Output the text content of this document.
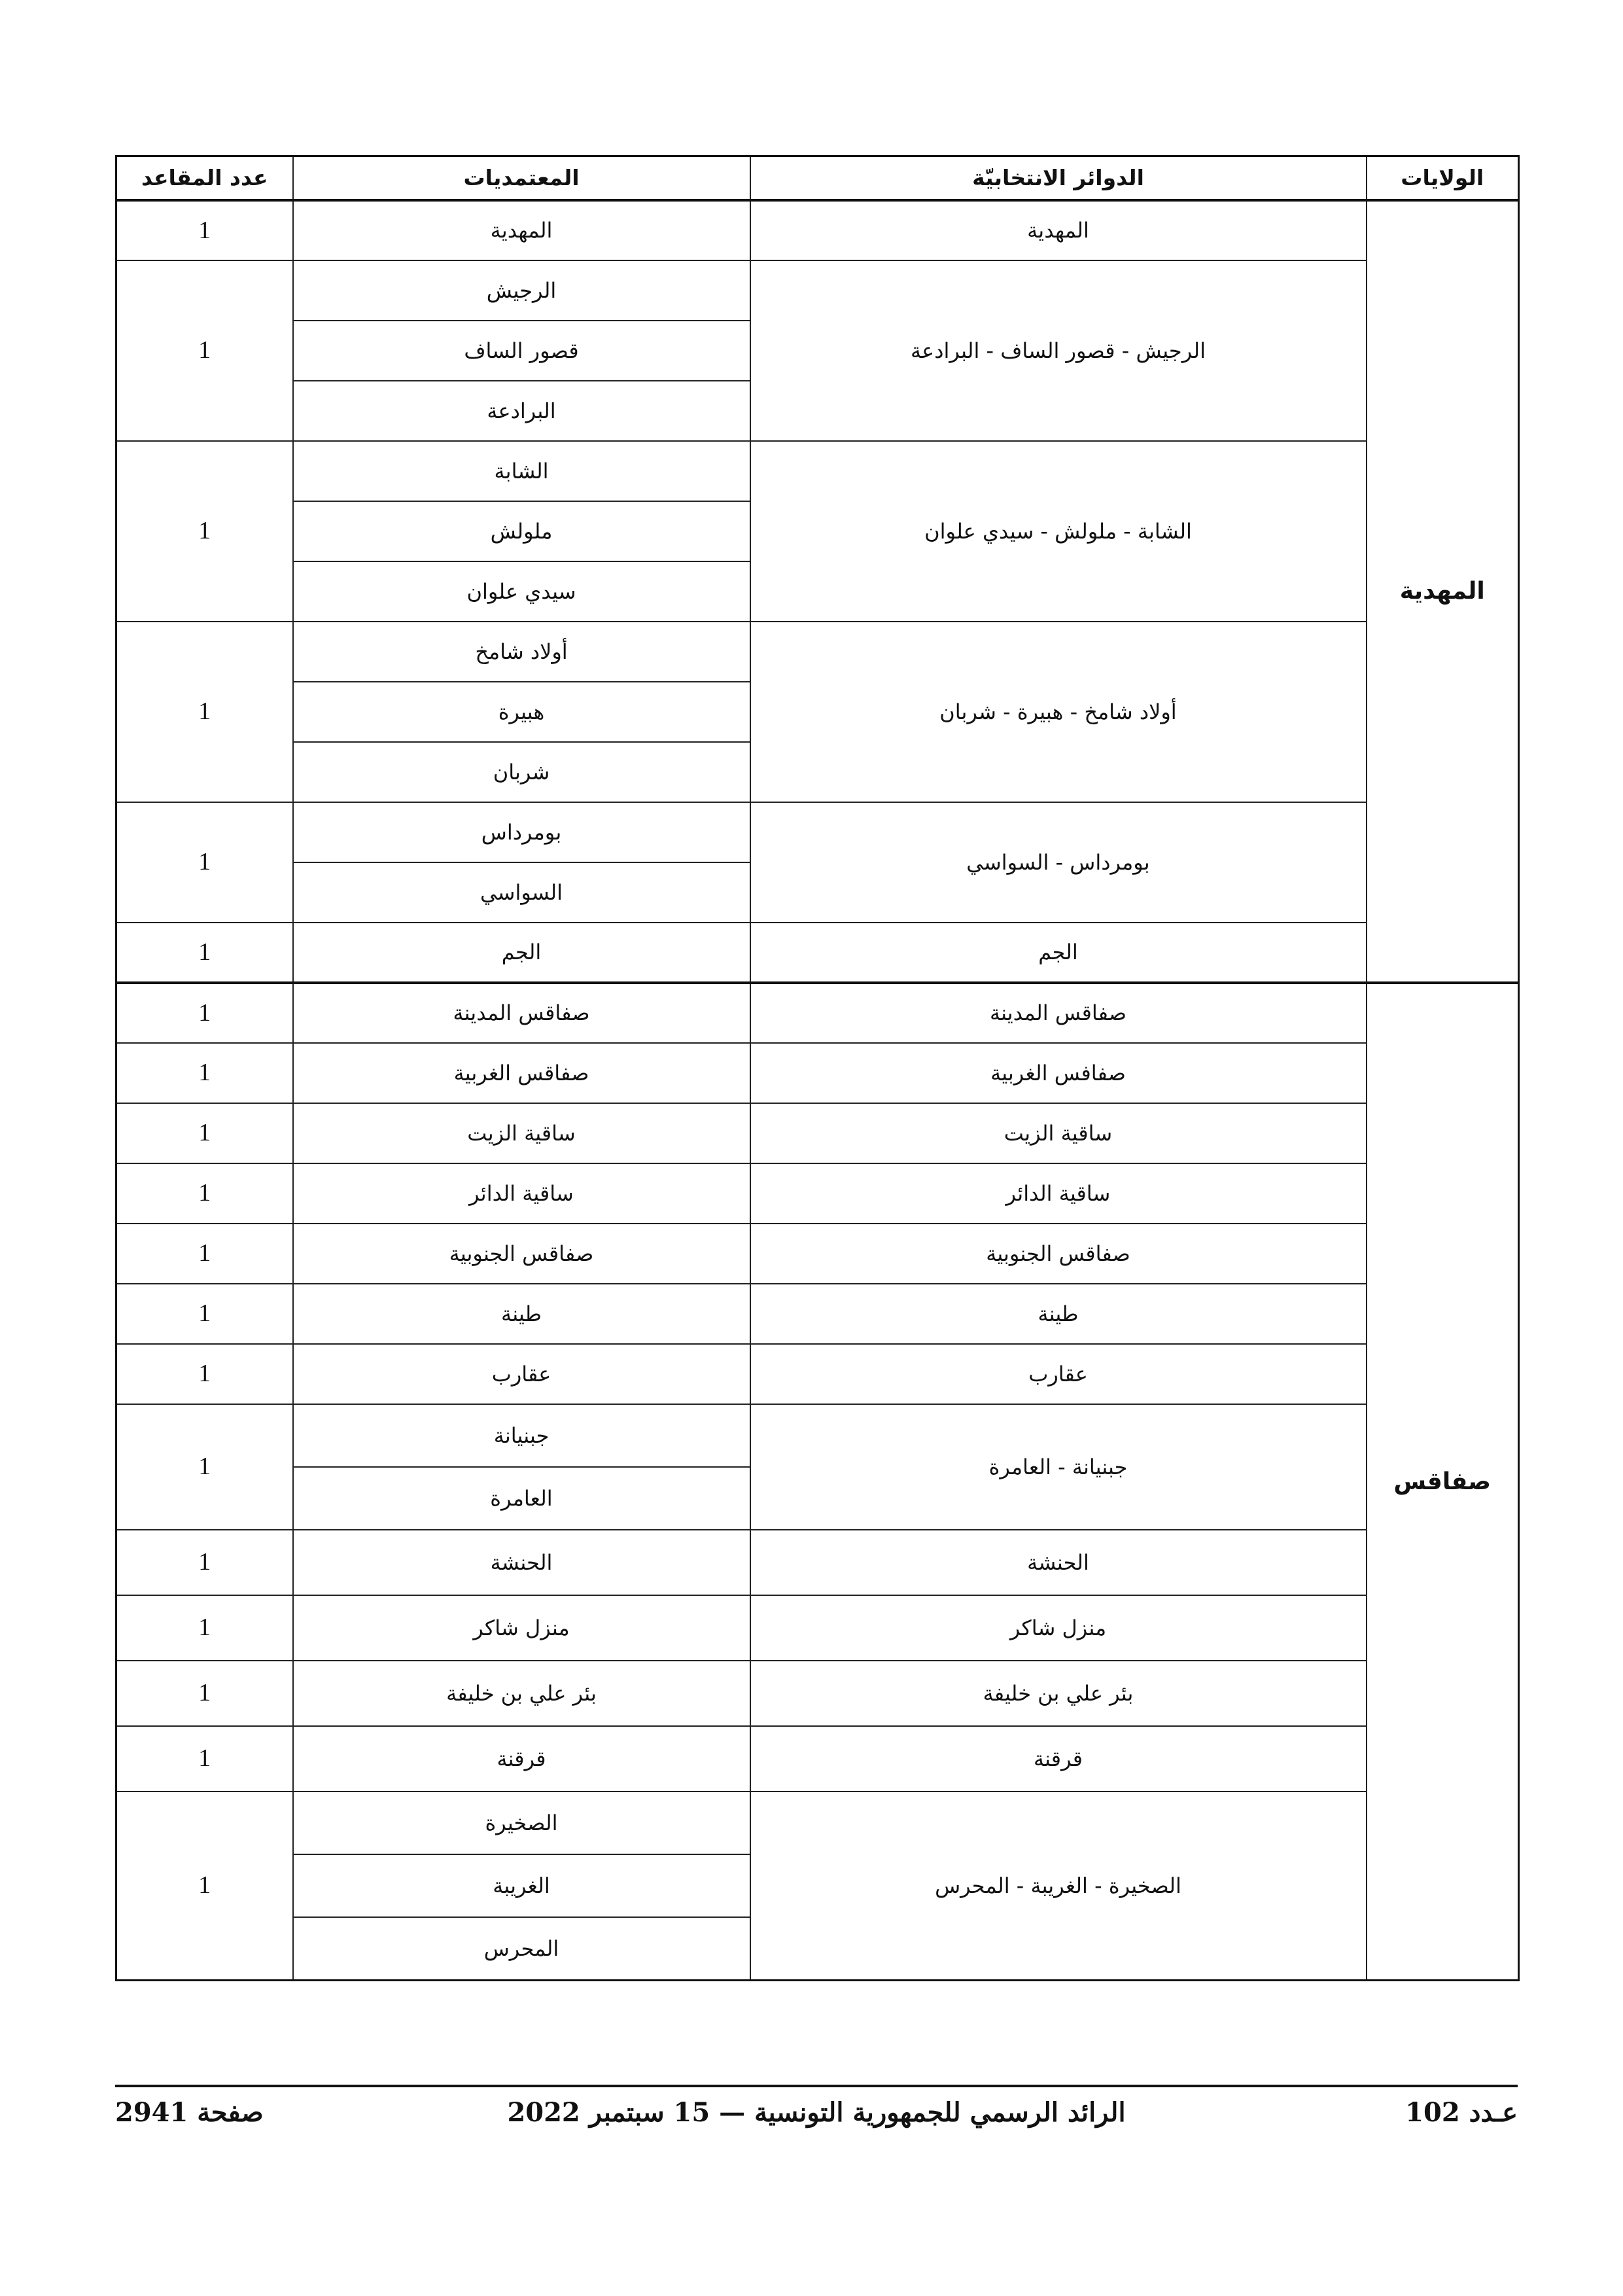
الولايات	الدوائر الانتخابيّة	المعتمديات	عدد المقاعد
المهدية	المهدية	المهدية	1
	الرجيش - قصور الساف - البرادعة	الرجيش	1
		قصور الساف	
		البرادعة	
	الشابة - ملولش - سيدي علوان	الشابة	1
		ملولش	
		سيدي علوان	
	أولاد شامخ - هبيرة - شربان	أولاد شامخ	1
		هبيرة	
		شربان	
	بومرداس - السواسي	بومرداس	1
		السواسي	
	الجم	الجم	1
صفاقس	صفاقس المدينة	صفاقس المدينة	1
	صفافس الغربية	صفاقس الغربية	1
	ساقية الزيت	ساقية الزيت	1
	ساقية الدائر	ساقية الدائر	1
	صفاقس الجنوبية	صفاقس الجنوبية	1
	طينة	طينة	1
	عقارب	عقارب	1
	جبنيانة - العامرة	جبنيانة	1
		العامرة	
	الحنشة	الحنشة	1
	منزل شاكر	منزل شاكر	1
	بئر علي بن خليفة	بئر علي بن خليفة	1
	قرقنة	قرقنة	1
	الصخيرة - الغريبة - المحرس	الصخيرة	1
		الغريبة	
		المحرس	
عـدد 102
الرائد الرسمي للجمهورية التونسية — 15 سبتمبر 2022
صفحة 2941
